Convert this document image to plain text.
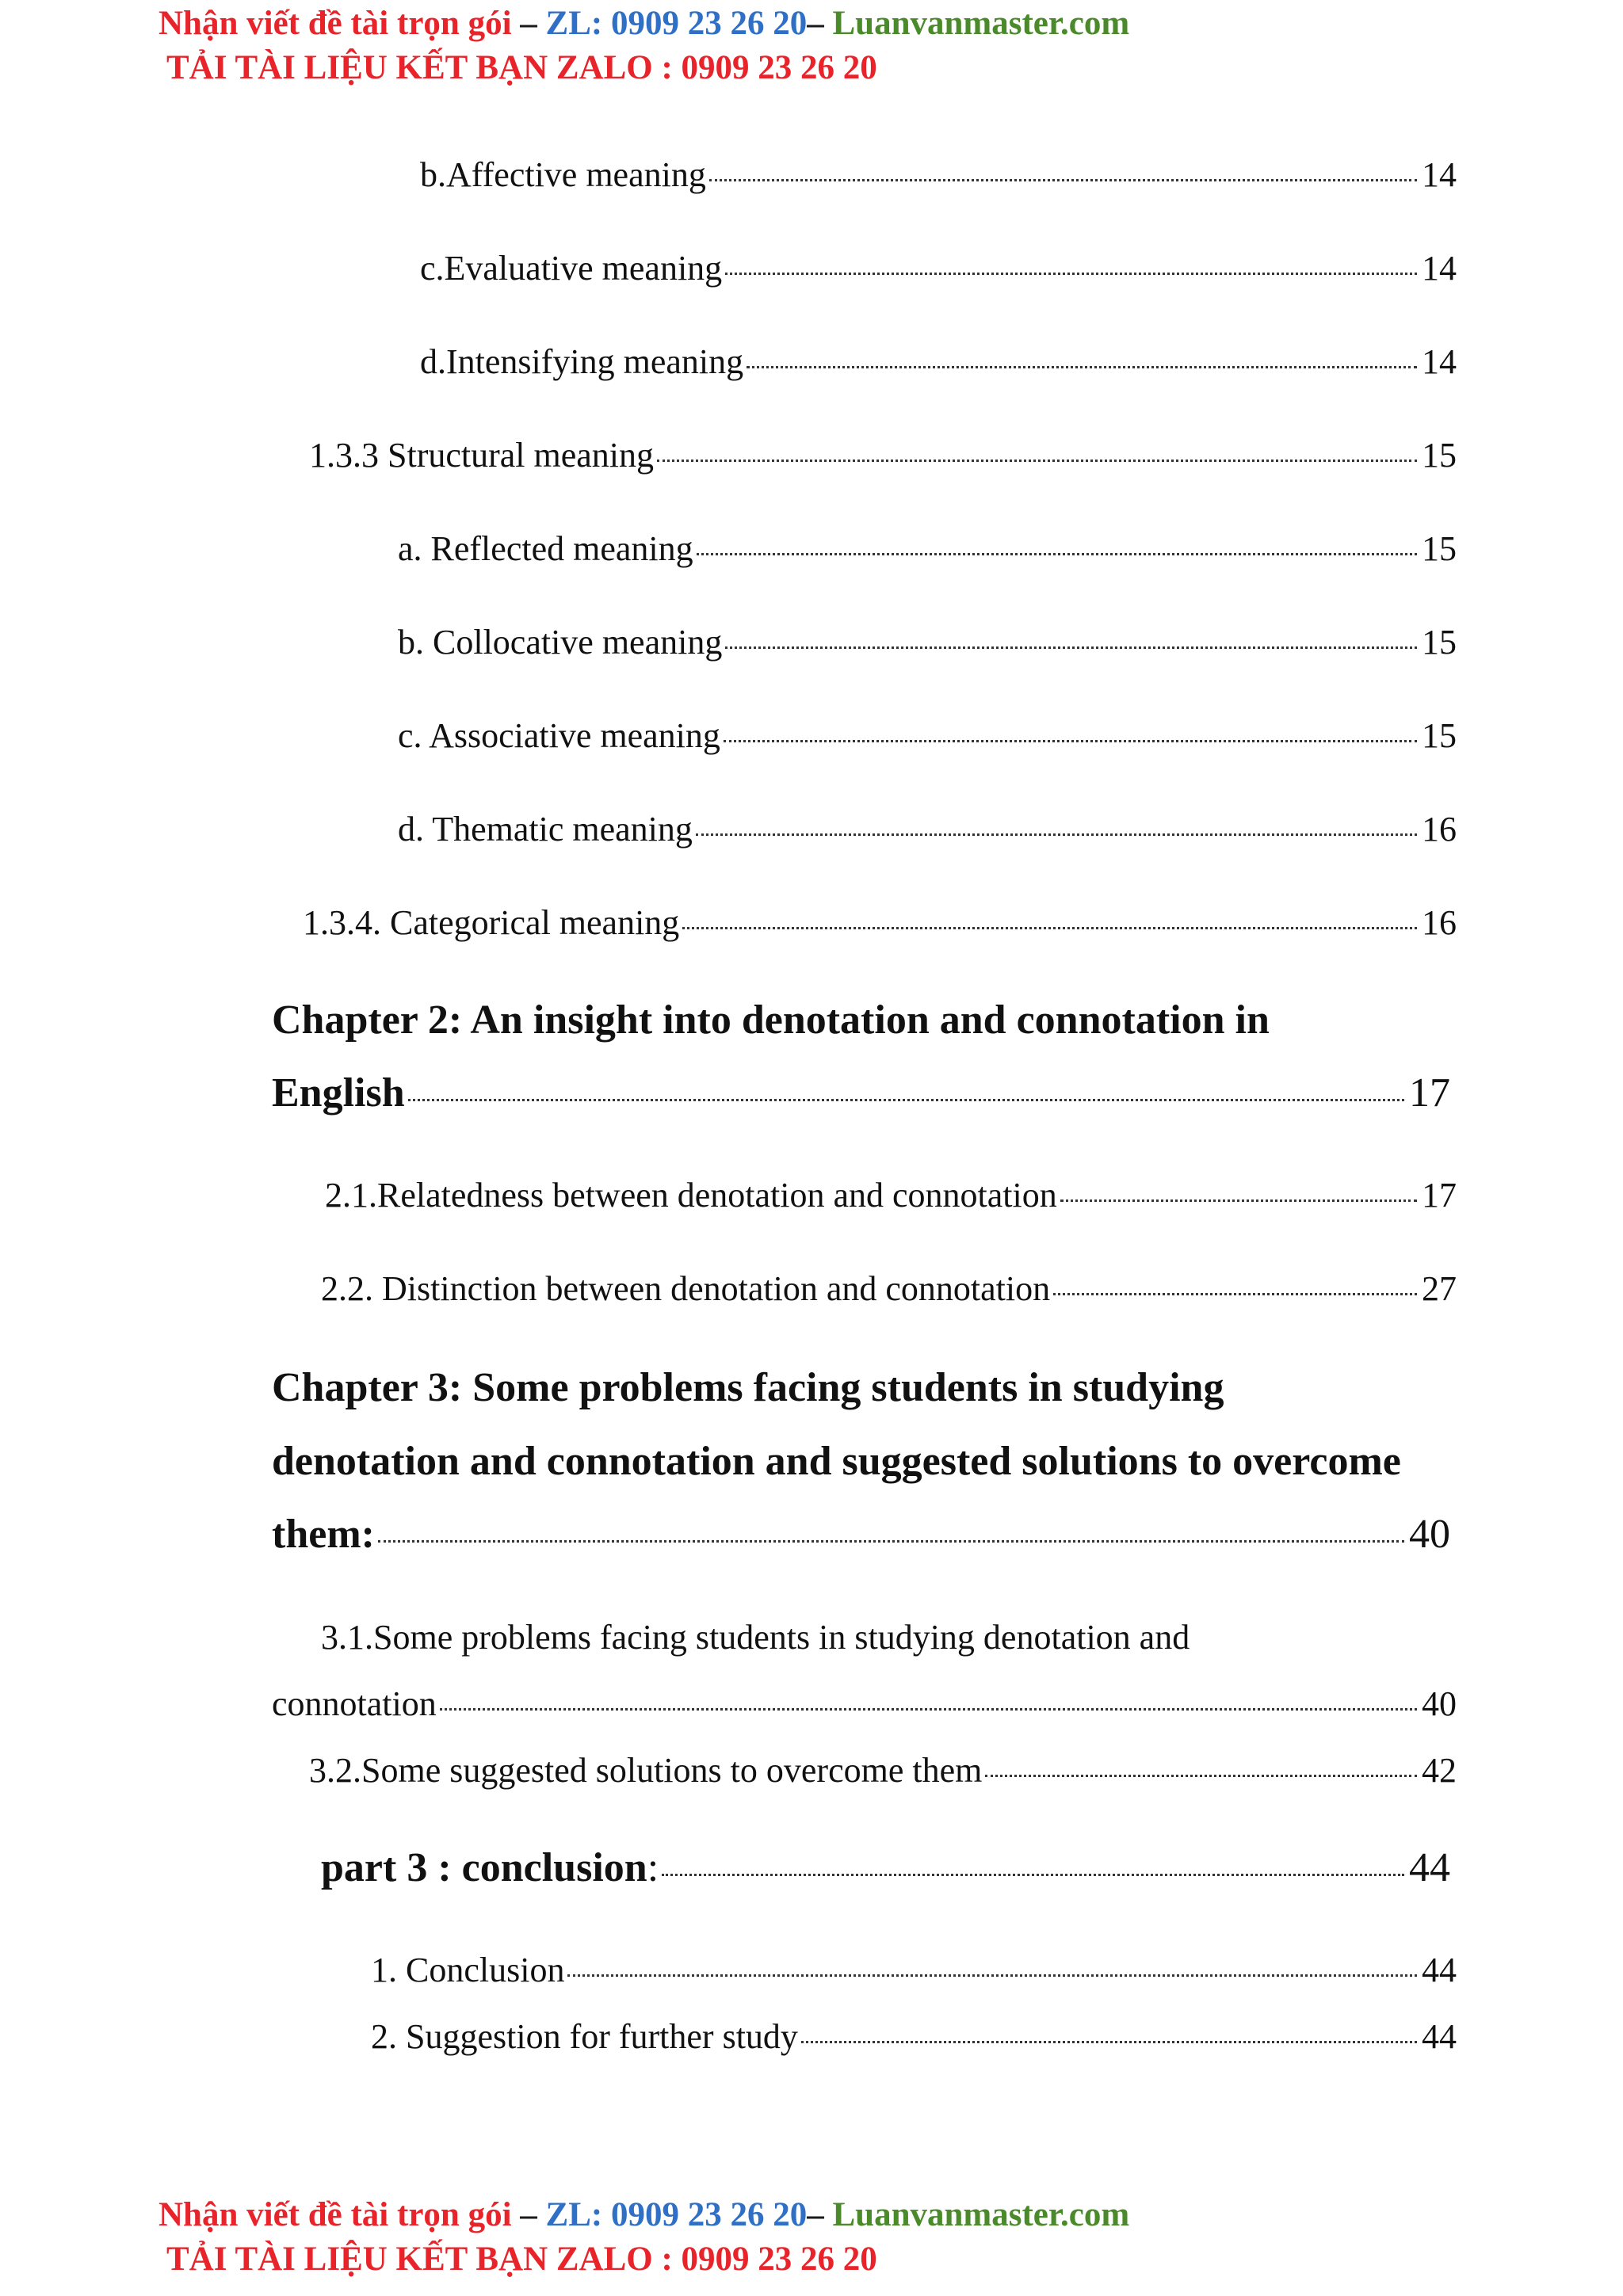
Nhận viết đề tài trọn gói – ZL: 0909 23 26 20– Luanvanmaster.com
TẢI TÀI LIỆU KẾT BẠN ZALO : 0909 23 26 20
b.Affective meaning	14
c.Evaluative meaning	14
d.Intensifying meaning	14
1.3.3 Structural meaning	15
a. Reflected meaning	15
b. Collocative meaning	15
c. Associative meaning	15
d. Thematic meaning	16
1.3.4. Categorical meaning	16
Chapter 2: An insight into denotation and connotation in
English	17
2.1.Relatedness between denotation and connotation	17
2.2. Distinction between denotation and connotation	27
Chapter 3: Some problems facing students in studying
denotation and connotation and suggested solutions to overcome
them:	40
3.1.Some problems facing students in studying denotation and
connotation	40
3.2.Some suggested solutions to overcome them	42
part 3 : conclusion :	44
1. Conclusion	44
2. Suggestion for further study	44
Nhận viết đề tài trọn gói – ZL: 0909 23 26 20– Luanvanmaster.com
TẢI TÀI LIỆU KẾT BẠN ZALO : 0909 23 26 20
